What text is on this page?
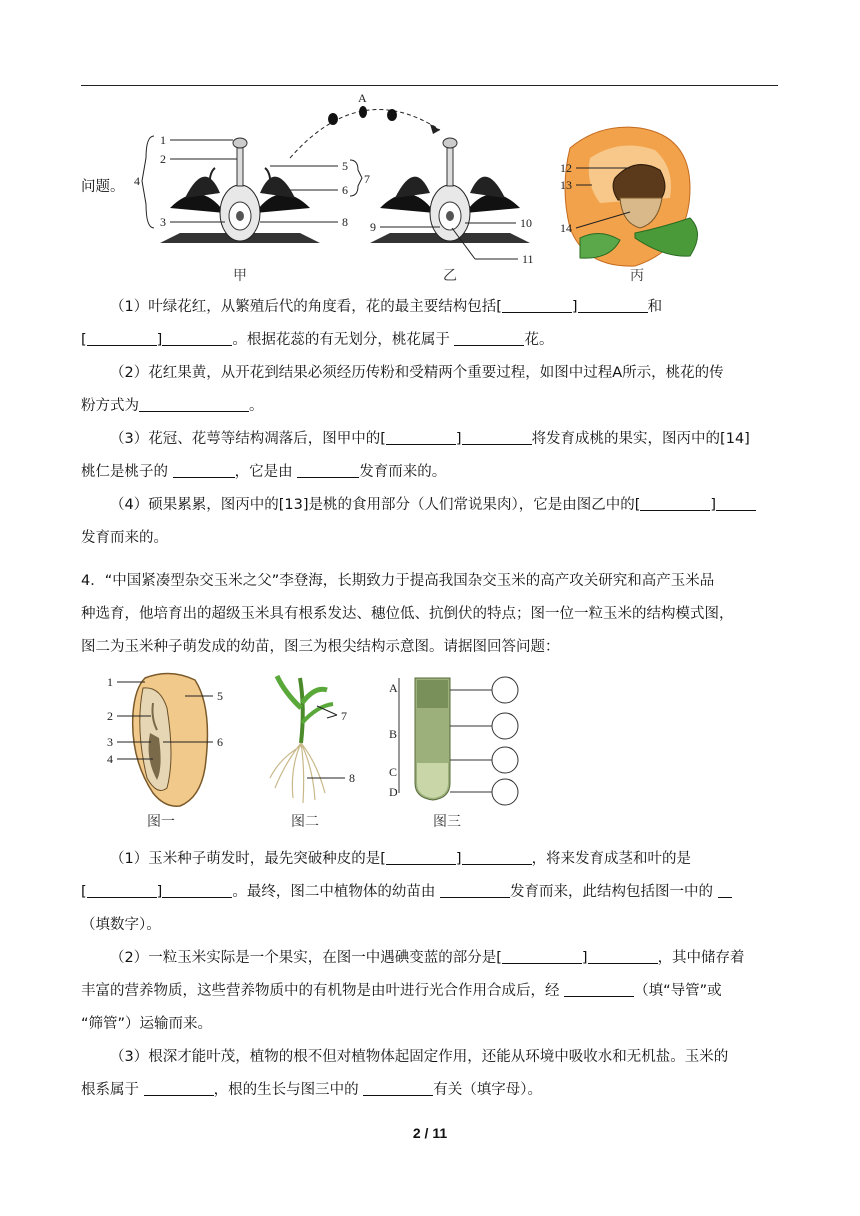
A
1
2
4
3
5
6
7
8 9	10
11
12
13
14
甲	乙	丙
问题。

（1）叶绿花红，从繁殖后代的角度看，花的最主要结构包括[	]	和

[	]	。根据花蕊的有无划分，桃花属于	花。

（2）花红果黄，从开花到结果必须经历传粉和受精两个重要过程，如图中过程A所示，桃花的传

粉方式为	。

（3）花冠、花萼等结构凋落后，图甲中的[	]	将发育成桃的果实，图丙中的[14]

桃仁是桃子的	，它是由	发育而来的。

（4）硕果累累，图丙中的[13]是桃的食用部分（人们常说果肉），它是由图乙中的[	]

发育而来的。

4．“中国紧凑型杂交玉米之父”李登海，长期致力于提高我国杂交玉米的高产攻关研究和高产玉米品

种选育，他培育出的超级玉米具有根系发达、穗位低、抗倒伏的特点；图一位一粒玉米的结构模式图，

图二为玉米种子萌发成的幼苗，图三为根尖结构示意图。请据图回答问题：

1
2
3
4
5
6
图一
7
8
图二
A
B
C
D
图三

（1）玉米种子萌发时，最先突破种皮的是[	]	，将来发育成茎和叶的是

[	]	。最终，图二中植物体的幼苗由	发育而来，此结构包括图一中的

（填数字）。

（2）一粒玉米实际是一个果实，在图一中遇碘变蓝的部分是[	]	，其中储存着

丰富的营养物质，这些营养物质中的有机物是由叶进行光合作用合成后，经	（填“导管”或

“筛管”）运输而来。

（3）根深才能叶茂，植物的根不但对植物体起固定作用，还能从环境中吸收水和无机盐。玉米的

根系属于	，根的生长与图三中的	有关（填字母）。

2 / 11
